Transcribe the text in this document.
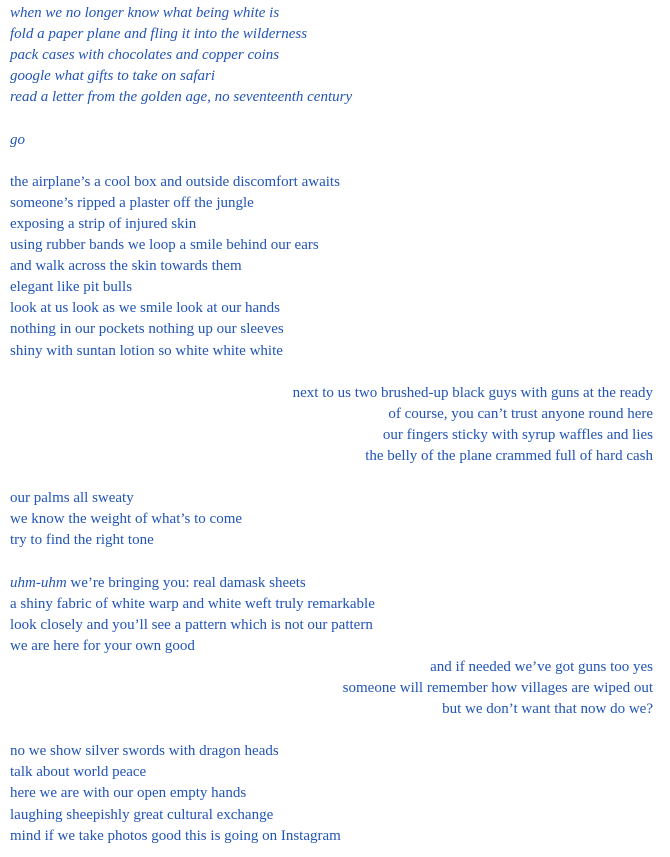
when we no longer know what being white is
fold a paper plane and fling it into the wilderness
pack cases with chocolates and copper coins
google what gifts to take on safari
read a letter from the golden age, no seventeenth century
go
the airplane’s a cool box and outside discomfort awaits
someone’s ripped a plaster off the jungle
exposing a strip of injured skin
using rubber bands we loop a smile behind our ears
and walk across the skin towards them
elegant like pit bulls
look at us look as we smile look at our hands
nothing in our pockets nothing up our sleeves
shiny with suntan lotion so white white white
next to us two brushed-up black guys with guns at the ready
of course, you can’t trust anyone round here
our fingers sticky with syrup waffles and lies
the belly of the plane crammed full of hard cash
our palms all sweaty
we know the weight of what’s to come
try to find the right tone
uhm-uhm we’re bringing you: real damask sheets
a shiny fabric of white warp and white weft truly remarkable
look closely and you’ll see a pattern which is not our pattern
we are here for your own good
and if needed we’ve got guns too yes
someone will remember how villages are wiped out
but we don’t want that now do we?
no we show silver swords with dragon heads
talk about world peace
here we are with our open empty hands
laughing sheepishly great cultural exchange
mind if we take photos good this is going on Instagram
